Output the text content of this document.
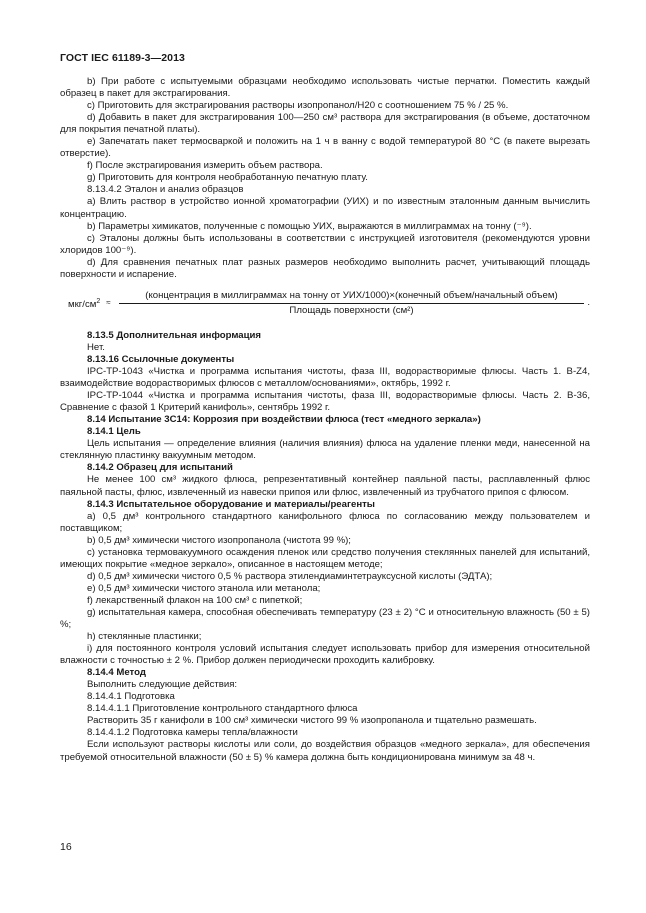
ГОСТ IEC 61189-3—2013

b) При работе с испытуемыми образцами необходимо использовать чистые перчатки. Поместить каждый образец в пакет для экстрагирования.

c) Приготовить для экстрагирования растворы изопропанол/Н20 с соотношением 75 % / 25 %.

d) Добавить в пакет для экстрагирования 100—250 см³ раствора для экстрагирования (в объеме, достаточном для покрытия печатной платы).

e) Запечатать пакет термосваркой и положить на 1 ч в ванну с водой температурой 80 °С (в пакете вырезать отверстие).

f) После экстрагирования измерить объем раствора.

g) Приготовить для контроля необработанную печатную плату.

8.13.4.2 Эталон и анализ образцов

a) Влить раствор в устройство ионной хроматографии (УИХ) и по известным эталонным данным вычислить концентрацию.

b) Параметры химикатов, полученные с помощью УИХ, выражаются в миллиграммах на тонну (⁻⁹).

c) Эталоны должны быть использованы в соответствии с инструкцией изготовителя (рекомендуются уровни хлоридов 100⁻⁹).

d) Для сравнения печатных плат разных размеров необходимо выполнить расчет, учитывающий площадь поверхности и испарение.

мкг/$см^2$ ≈
(концентрация в миллиграммах на тонну от УИХ/1000)×(конечный объем/начальный объем)
Площадь поверхности (см²)
.

8.13.5 Дополнительная информация

Нет.

8.13.16 Ссылочные документы

IPC-TP-1043 «Чистка и программа испытания чистоты, фаза III, водорастворимые флюсы. Часть 1. B-Z4, взаимодействие водорастворимых флюсов с металлом/основаниями», октябрь, 1992 г.

IPC-TP-1044 «Чистка и программа испытания чистоты, фаза III, водорастворимые флюсы. Часть 2. B-36, Сравнение с фазой 1 Критерий канифоль», сентябрь 1992 г.

8.14 Испытание 3С14: Коррозия при воздействии флюса (тест «медного зеркала»)

8.14.1 Цель

Цель испытания — определение влияния (наличия влияния) флюса на удаление пленки меди, нанесенной на стеклянную пластинку вакуумным методом.

8.14.2 Образец для испытаний

Не менее 100 см³ жидкого флюса, репрезентативный контейнер паяльной пасты, расплавленный флюс паяльной пасты, флюс, извлеченный из навески припоя или флюс, извлеченный из трубчатого припоя с флюсом.

8.14.3 Испытательное оборудование и материалы/реагенты

a) 0,5 дм³ контрольного стандартного канифольного флюса по согласованию между пользователем и поставщиком;

b) 0,5 дм³ химически чистого изопропанола (чистота 99 %);

c) установка термовакуумного осаждения пленок или средство получения стеклянных панелей для испытаний, имеющих покрытие «медное зеркало», описанное в настоящем методе;

d) 0,5 дм³ химически чистого 0,5 % раствора этилендиаминтетрауксусной кислоты (ЭДТА);

e) 0,5 дм³ химически чистого этанола или метанола;

f) лекарственный флакон на 100 см³ с пипеткой;

g) испытательная камера, способная обеспечивать температуру (23 ± 2) °С и относительную влажность (50 ± 5) %;

h) стеклянные пластинки;

i) для постоянного контроля условий испытания следует использовать прибор для измерения относительной влажности с точностью ± 2 %. Прибор должен периодически проходить калибровку.

8.14.4 Метод

Выполнить следующие действия:

8.14.4.1 Подготовка

8.14.4.1.1 Приготовление контрольного стандартного флюса

Растворить 35 г канифоли в 100 см³ химически чистого 99 % изопропанола и тщательно размешать.

8.14.4.1.2 Подготовка камеры тепла/влажности

Если используют растворы кислоты или соли, до воздействия образцов «медного зеркала», для обеспечения требуемой относительной влажности (50 ± 5) % камера должна быть кондиционирована минимум за 48 ч.

16
